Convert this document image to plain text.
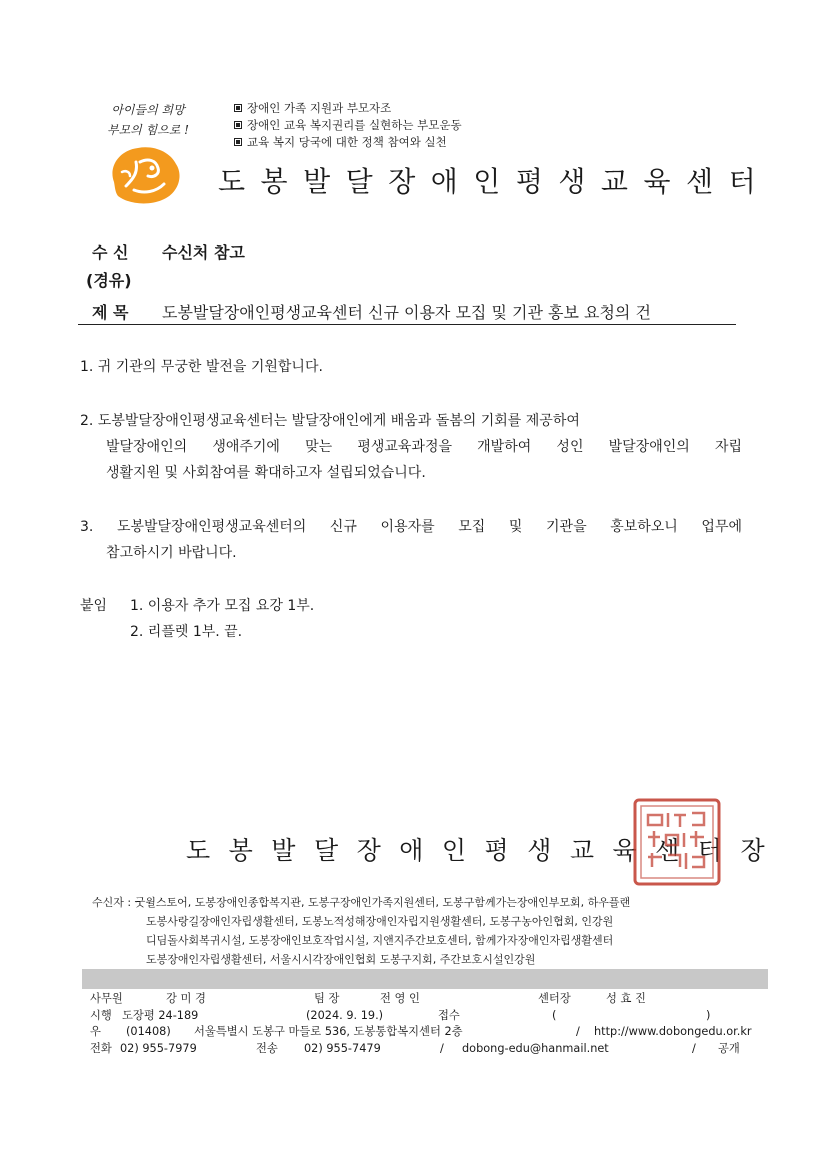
아이들의 희망
부모의 힘으로 !
장애인 가족 지원과 부모자조
장애인 교육 복지권리를 실현하는 부모운동
교육 복지 당국에 대한 정책 참여와 실천
도봉발달장애인평생교육센터
수 신 수신처 참고
(경유)
제 목 도봉발달장애인평생교육센터 신규 이용자 모집 및 기관 홍보 요청의 건
1. 귀 기관의 무궁한 발전을 기원합니다.
2. 도봉발달장애인평생교육센터는 발달장애인에게 배움과 돌봄의 기회를 제공하여
발달장애인의 생애주기에 맞는 평생교육과정을 개발하여 성인 발달장애인의 자립
생활지원 및 사회참여를 확대하고자 설립되었습니다.
3. 도봉발달장애인평생교육센터의 신규 이용자를 모집 및 기관을 홍보하오니 업무에
참고하시기 바랍니다.
붙임 1. 이용자 추가 모집 요강 1부.
2. 리플렛 1부. 끝.
도봉발달장애인평생교육센터장
수신자 : 굿윌스토어, 도봉장애인종합복지관, 도봉구장애인가족지원센터, 도봉구함께가는장애인부모회, 하우플랜
도봉사랑길장애인자립생활센터, 도봉노적성해장애인자립지원생활센터, 도봉구농아인협회, 인강원
디딤돌사회복귀시설, 도봉장애인보호작업시설, 지앤지주간보호센터, 함께가자장애인자립생활센터
도봉장애인자립생활센터, 서울시시각장애인협회 도봉구지회, 주간보호시설인강원
사무원	강 미 경	팀 장	전 영 인	센터장	성 효 진
시행 도장평 24-189	(2024. 9. 19.)	접수	(	)
우 (01408) 서울특별시 도봉구 마들로 536, 도봉통합복지센터 2층	/ http://www.dobongedu.or.kr
전화 02) 955-7979	전송 02) 955-7479	/ dobong-edu@hanmail.net	/ 공개
